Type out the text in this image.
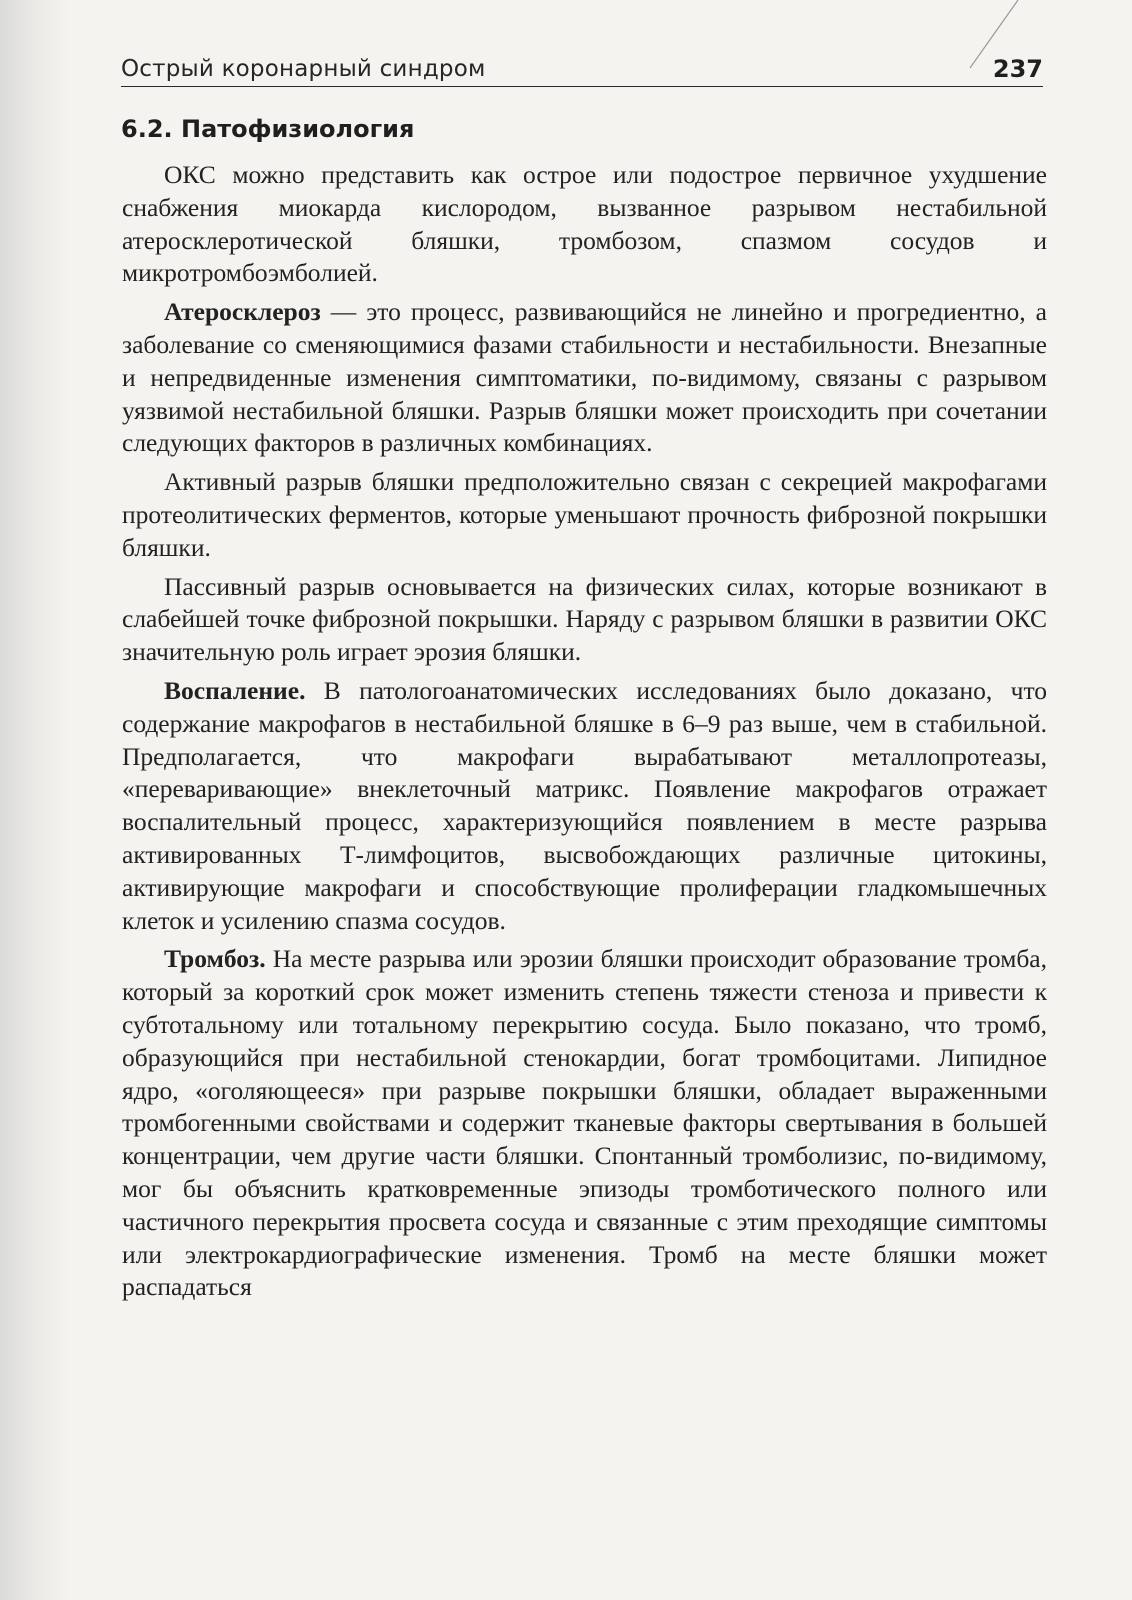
Острый коронарный синдром	237
6.2. Патофизиология

ОКС можно представить как острое или подострое первичное ухудшение снабжения миокарда кислородом, вызванное разрывом нестабильной атеросклеротической бляшки, тромбозом, спазмом сосудов и микротромбоэмболией.

Атеросклероз — это процесс, развивающийся не линейно и прогредиентно, а заболевание со сменяющимися фазами стабильности и нестабильности. Внезапные и непредвиденные изменения симптоматики, по-видимому, связаны с разрывом уязвимой нестабильной бляшки. Разрыв бляшки может происходить при сочетании следующих факторов в различных комбинациях.

Активный разрыв бляшки предположительно связан с секрецией макрофагами протеолитических ферментов, которые уменьшают прочность фиброзной покрышки бляшки.

Пассивный разрыв основывается на физических силах, которые возникают в слабейшей точке фиброзной покрышки. Наряду с разрывом бляшки в развитии ОКС значительную роль играет эрозия бляшки.

Воспаление. В патологоанатомических исследованиях было доказано, что содержание макрофагов в нестабильной бляшке в 6–9 раз выше, чем в стабильной. Предполагается, что макрофаги вырабатывают металлопротеазы, «переваривающие» внеклеточный матрикс. Появление макрофагов отражает воспалительный процесс, характеризующийся появлением в месте разрыва активированных Т-лимфоцитов, высвобождающих различные цитокины, активирующие макрофаги и способствующие пролиферации гладкомышечных клеток и усилению спазма сосудов.

Тромбоз. На месте разрыва или эрозии бляшки происходит образование тромба, который за короткий срок может изменить степень тяжести стеноза и привести к субтотальному или тотальному перекрытию сосуда. Было показано, что тромб, образующийся при нестабильной стенокардии, богат тромбоцитами. Липидное ядро, «оголяющееся» при разрыве покрышки бляшки, обладает выраженными тромбогенными свойствами и содержит тканевые факторы свертывания в большей концентрации, чем другие части бляшки. Спонтанный тромболизис, по-видимому, мог бы объяснить кратковременные эпизоды тромботического полного или частичного перекрытия просвета сосуда и связанные с этим преходящие симптомы или электрокардиографические изменения. Тромб на месте бляшки может распадаться
